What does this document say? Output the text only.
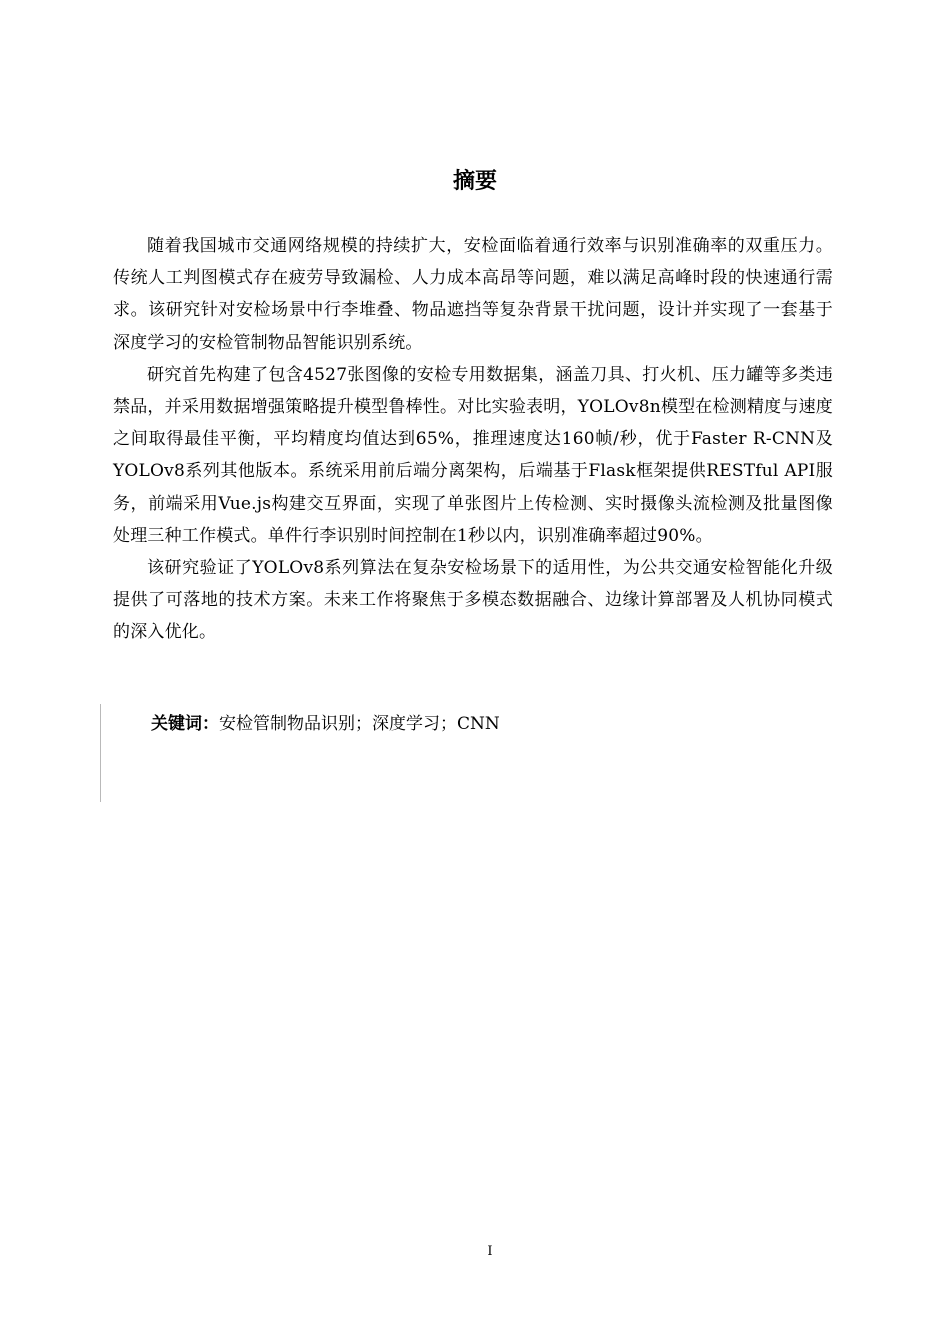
摘要

随着我国城市交通网络规模的持续扩大，安检面临着通行效率与识别准确率的双重压力。传统人工判图模式存在疲劳导致漏检、人力成本高昂等问题，难以满足高峰时段的快速通行需求。该研究针对安检场景中行李堆叠、物品遮挡等复杂背景干扰问题，设计并实现了一套基于深度学习的安检管制物品智能识别系统。

研究首先构建了包含4527张图像的安检专用数据集，涵盖刀具、打火机、压力罐等多类违禁品，并采用数据增强策略提升模型鲁棒性。对比实验表明，YOLOv8n模型在检测精度与速度之间取得最佳平衡，平均精度均值达到65%，推理速度达160帧/秒，优于Faster R-CNN及YOLOv8系列其他版本。系统采用前后端分离架构，后端基于Flask框架提供RESTful API服务，前端采用Vue.js构建交互界面，实现了单张图片上传检测、实时摄像头流检测及批量图像处理三种工作模式。单件行李识别时间控制在1秒以内，识别准确率超过90%。

该研究验证了YOLOv8系列算法在复杂安检场景下的适用性，为公共交通安检智能化升级提供了可落地的技术方案。未来工作将聚焦于多模态数据融合、边缘计算部署及人机协同模式的深入优化。

关键词：安检管制物品识别；深度学习；CNN
I
